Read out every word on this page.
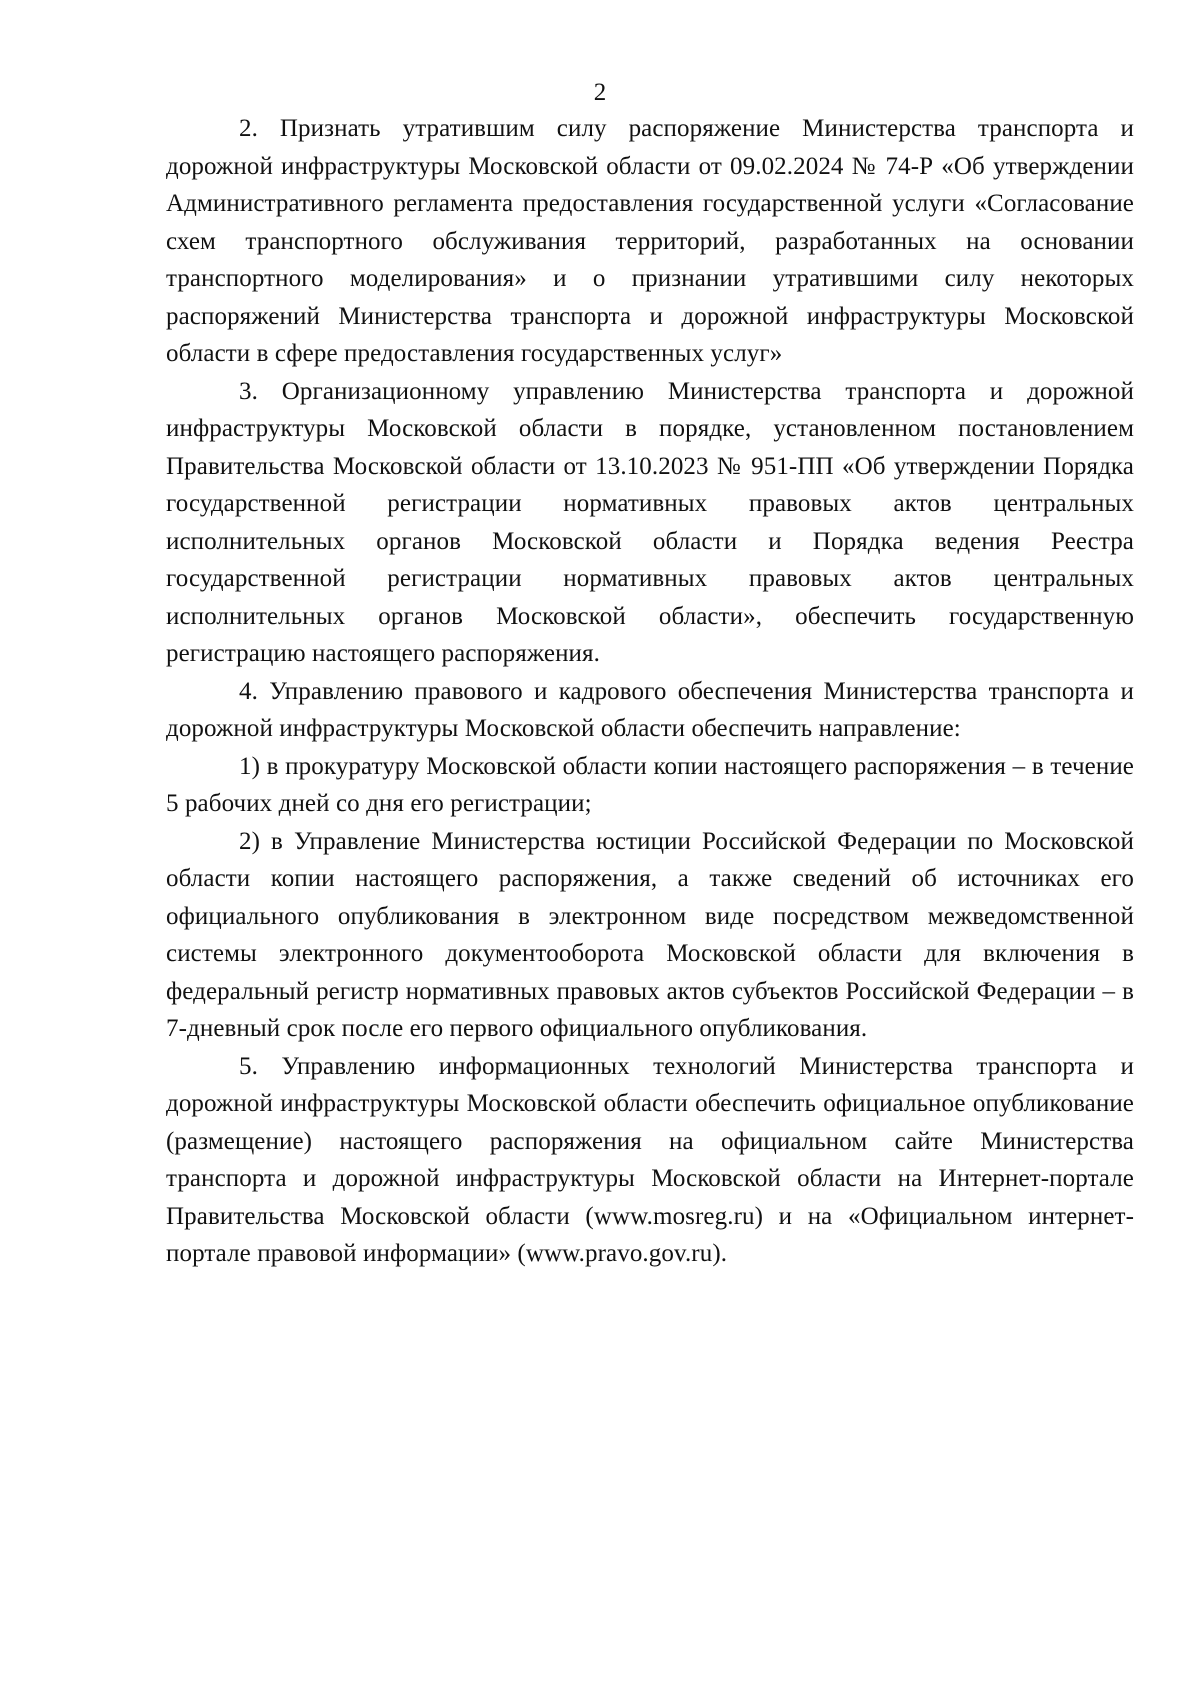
2

2. Признать утратившим силу распоряжение Министерства транспорта и дорожной инфраструктуры Московской области от 09.02.2024 № 74-Р «Об утверждении Административного регламента предоставления государственной услуги «Согласование схем транспортного обслуживания территорий, разработанных на основании транспортного моделирования» и о признании утратившими силу некоторых распоряжений Министерства транспорта и дорожной инфраструктуры Московской области в сфере предоставления государственных услуг»

3. Организационному управлению Министерства транспорта и дорожной инфраструктуры Московской области в порядке, установленном постановлением Правительства Московской области от 13.10.2023 № 951-ПП «Об утверждении Порядка государственной регистрации нормативных правовых актов центральных исполнительных органов Московской области и Порядка ведения Реестра государственной регистрации нормативных правовых актов центральных исполнительных органов Московской области», обеспечить государственную регистрацию настоящего распоряжения.

4. Управлению правового и кадрового обеспечения Министерства транспорта и дорожной инфраструктуры Московской области обеспечить направление:

1) в прокуратуру Московской области копии настоящего распоряжения – в течение 5 рабочих дней со дня его регистрации;

2) в Управление Министерства юстиции Российской Федерации по Московской области копии настоящего распоряжения, а также сведений об источниках его официального опубликования в электронном виде посредством межведомственной системы электронного документооборота Московской области для включения в федеральный регистр нормативных правовых актов субъектов Российской Федерации – в 7-дневный срок после его первого официального опубликования.

5. Управлению информационных технологий Министерства транспорта и дорожной инфраструктуры Московской области обеспечить официальное опубликование (размещение) настоящего распоряжения на официальном сайте Министерства транспорта и дорожной инфраструктуры Московской области на Интернет-портале Правительства Московской области (www.mosreg.ru) и на «Официальном интернет-портале правовой информации» (www.pravo.gov.ru).
